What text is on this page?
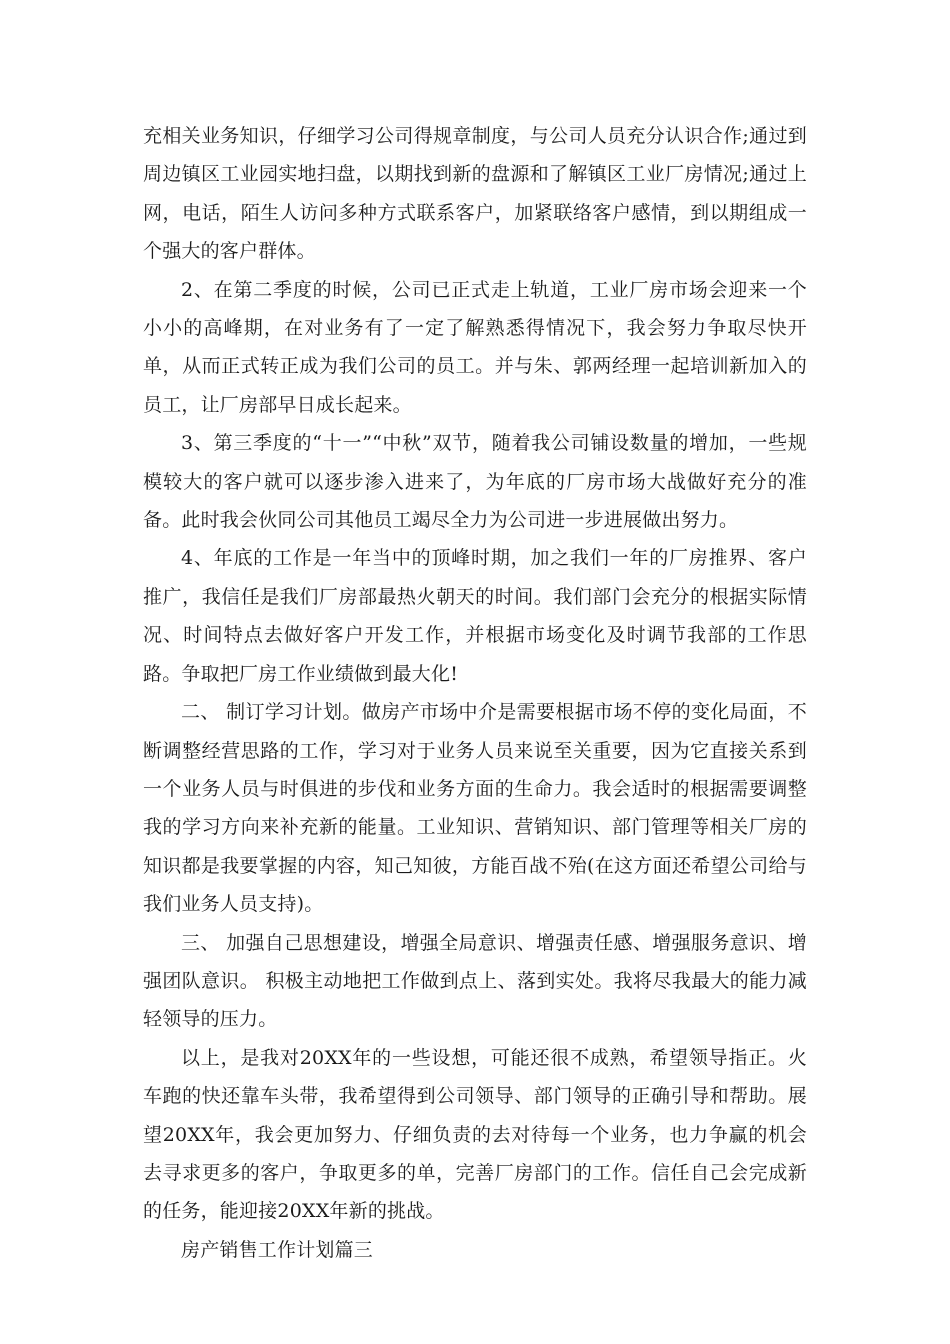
充相关业务知识，仔细学习公司得规章制度，与公司人员充分认识合作;通过到周边镇区工业园实地扫盘，以期找到新的盘源和了解镇区工业厂房情况;通过上网，电话，陌生人访问多种方式联系客户，加紧联络客户感情，到以期组成一个强大的客户群体。

2、在第二季度的时候，公司已正式走上轨道，工业厂房市场会迎来一个小小的高峰期，在对业务有了一定了解熟悉得情况下，我会努力争取尽快开单，从而正式转正成为我们公司的员工。并与朱、郭两经理一起培训新加入的员工，让厂房部早日成长起来。

3、第三季度的“十一”“中秋”双节，随着我公司铺设数量的增加，一些规模较大的客户就可以逐步渗入进来了，为年底的厂房市场大战做好充分的准备。此时我会伙同公司其他员工竭尽全力为公司进一步进展做出努力。

4、年底的工作是一年当中的顶峰时期，加之我们一年的厂房推界、客户推广，我信任是我们厂房部最热火朝天的时间。我们部门会充分的根据实际情况、时间特点去做好客户开发工作，并根据市场变化及时调节我部的工作思路。争取把厂房工作业绩做到最大化!

二、 制订学习计划。做房产市场中介是需要根据市场不停的变化局面，不断调整经营思路的工作，学习对于业务人员来说至关重要，因为它直接关系到一个业务人员与时俱进的步伐和业务方面的生命力。我会适时的根据需要调整我的学习方向来补充新的能量。工业知识、营销知识、部门管理等相关厂房的知识都是我要掌握的内容，知己知彼，方能百战不殆(在这方面还希望公司给与我们业务人员支持)。

三、 加强自己思想建设，增强全局意识、增强责任感、增强服务意识、增强团队意识。 积极主动地把工作做到点上、落到实处。我将尽我最大的能力减轻领导的压力。

以上，是我对20XX年的一些设想，可能还很不成熟，希望领导指正。火车跑的快还靠车头带，我希望得到公司领导、部门领导的正确引导和帮助。展望20XX年，我会更加努力、仔细负责的去对待每一个业务，也力争赢的机会去寻求更多的客户，争取更多的单，完善厂房部门的工作。信任自己会完成新的任务，能迎接20XX年新的挑战。

房产销售工作计划篇三
